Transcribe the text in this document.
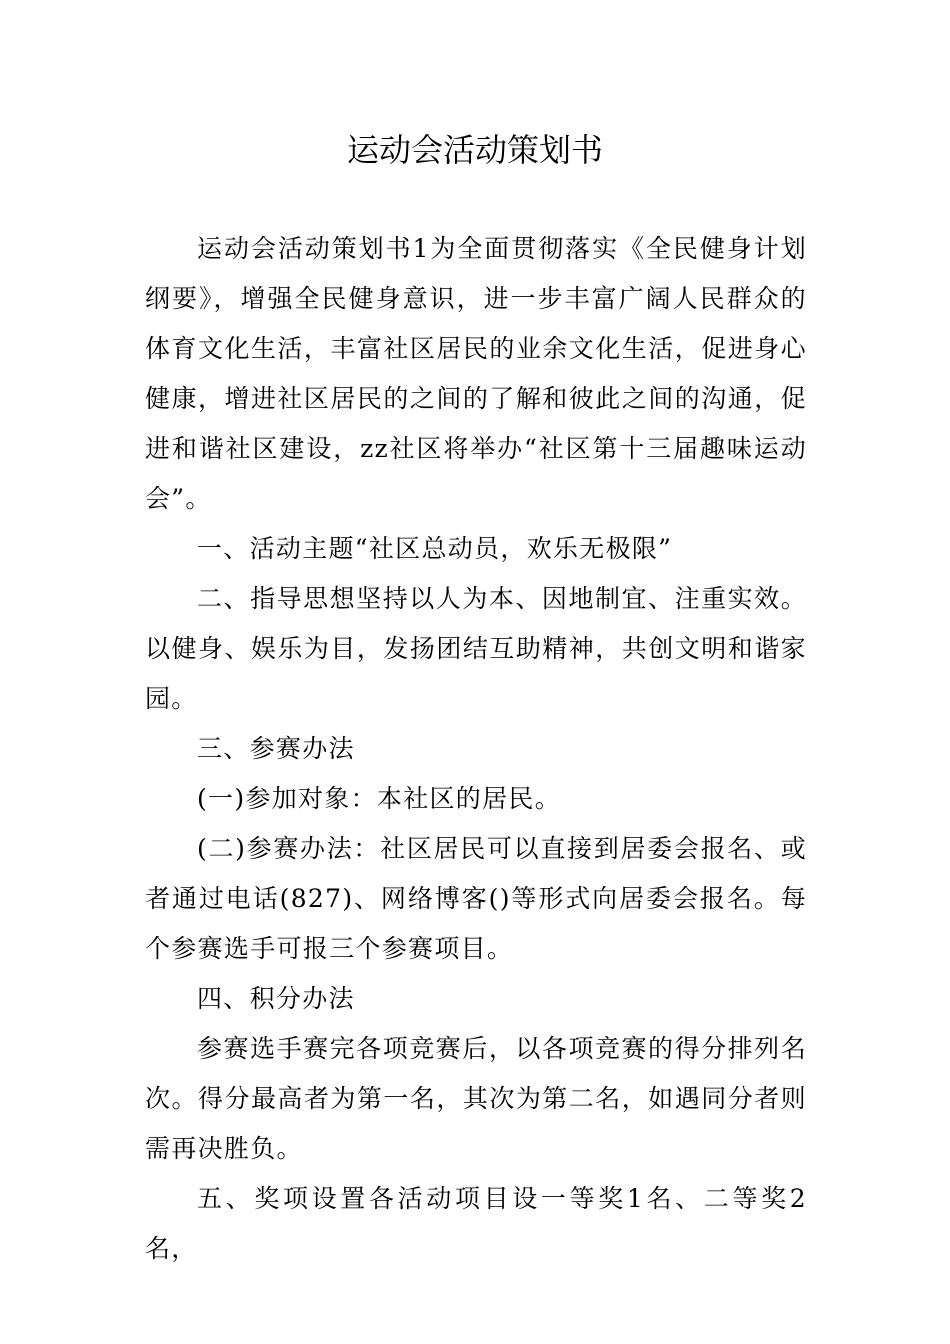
运动会活动策划书

运动会活动策划书1为全面贯彻落实《全民健身计划纲要》，增强全民健身意识，进一步丰富广阔人民群众的体育文化生活，丰富社区居民的业余文化生活，促进身心健康，增进社区居民的之间的了解和彼此之间的沟通，促进和谐社区建设，zz社区将举办“社区第十三届趣味运动会”。

一、活动主题“社区总动员，欢乐无极限”

二、指导思想坚持以人为本、因地制宜、注重实效。以健身、娱乐为目，发扬团结互助精神，共创文明和谐家园。

三、参赛办法

(一)参加对象：本社区的居民。

(二)参赛办法：社区居民可以直接到居委会报名、或者通过电话(827)、网络博客()等形式向居委会报名。每个参赛选手可报三个参赛项目。

四、积分办法

参赛选手赛完各项竞赛后，以各项竞赛的得分排列名次。得分最高者为第一名，其次为第二名，如遇同分者则需再决胜负。

五、奖项设置各活动项目设一等奖1名、二等奖2名，
